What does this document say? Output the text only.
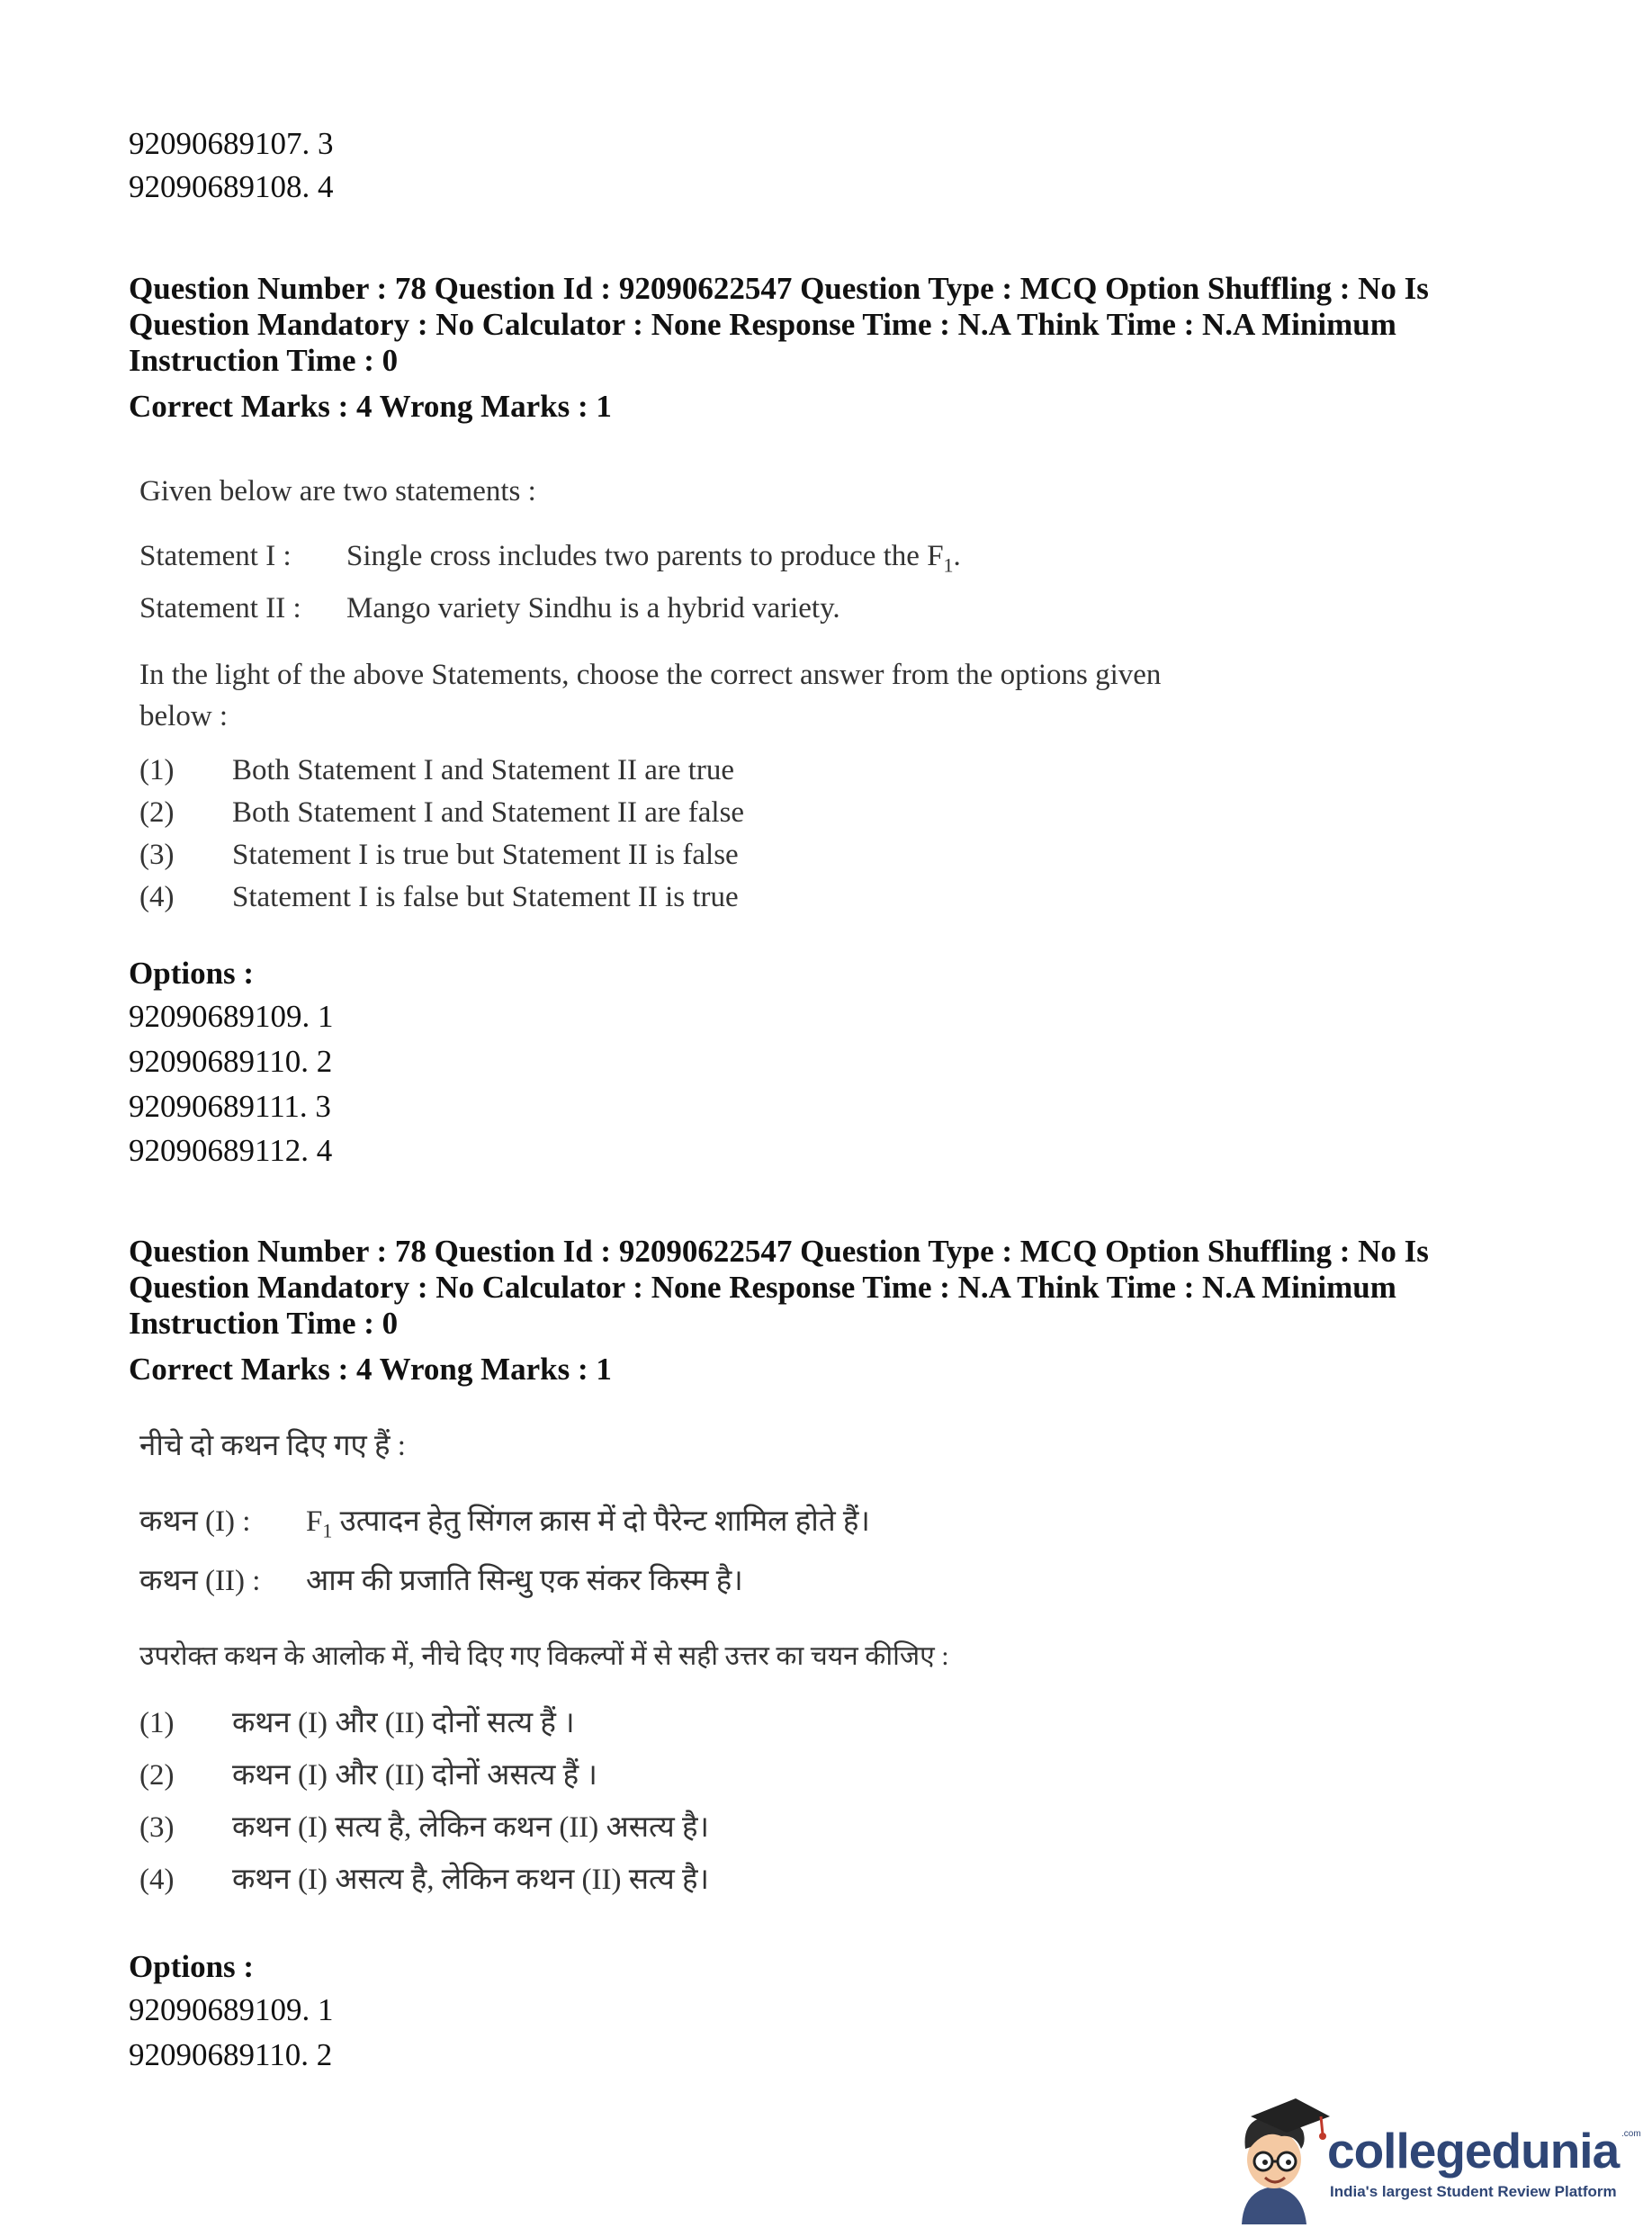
92090689107. 3
92090689108. 4
Question Number : 78 Question Id : 92090622547 Question Type : MCQ Option Shuffling : No Is Question Mandatory : No Calculator : None Response Time : N.A Think Time : N.A Minimum Instruction Time : 0
Correct Marks : 4 Wrong Marks : 1
Given below are two statements :
Statement I : Single cross includes two parents to produce the $F_1$.
Statement II : Mango variety Sindhu is a hybrid variety.
In the light of the above Statements, choose the correct answer from the options given
below :
(1) Both Statement I and Statement II are true
(2) Both Statement I and Statement II are false
(3) Statement I is true but Statement II is false
(4) Statement I is false but Statement II is true
Options :
92090689109. 1
92090689110. 2
92090689111. 3
92090689112. 4
Question Number : 78 Question Id : 92090622547 Question Type : MCQ Option Shuffling : No Is Question Mandatory : No Calculator : None Response Time : N.A Think Time : N.A Minimum Instruction Time : 0
Correct Marks : 4 Wrong Marks : 1
नीचे दो कथन दिए गए हैं :
कथन (I) : $F_1$ उत्पादन हेतु सिंगल क्रास में दो पैरेन्ट शामिल होते हैं।
कथन (II) : आम की प्रजाति सिन्धु एक संकर किस्म है।
उपरोक्त कथन के आलोक में, नीचे दिए गए विकल्पों में से सही उत्तर का चयन कीजिए :
(1) कथन (I) और (II) दोनों सत्य हैं ।
(2) कथन (I) और (II) दोनों असत्य हैं ।
(3) कथन (I) सत्य है, लेकिन कथन (II) असत्य है।
(4) कथन (I) असत्य है, लेकिन कथन (II) सत्य है।
Options :
92090689109. 1
92090689110. 2
collegedunia .com
India's largest Student Review Platform
